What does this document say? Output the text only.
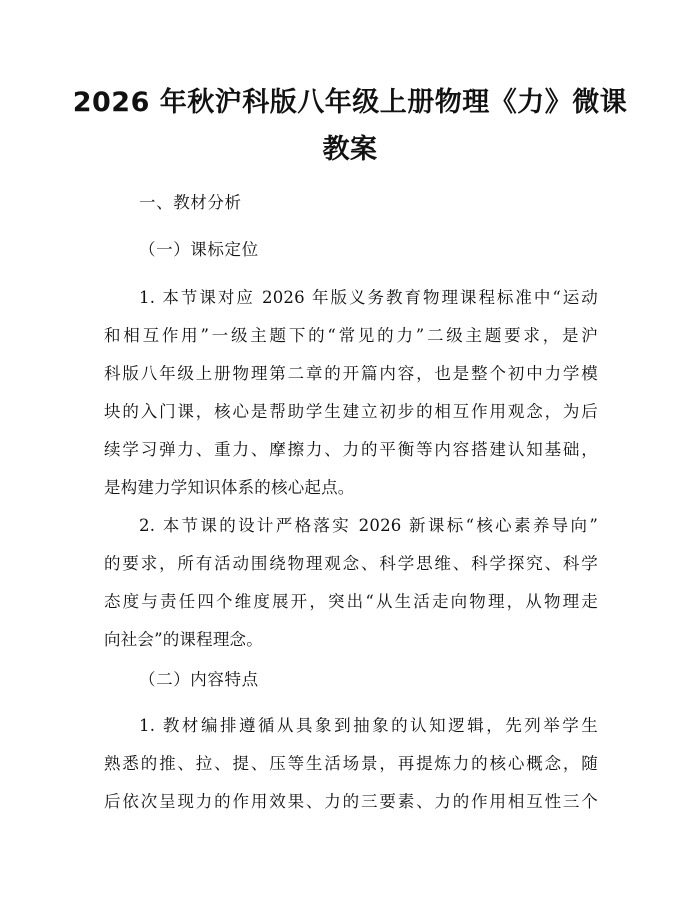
2026 年秋沪科版八年级上册物理《力》微课
教案
一、教材分析
（一）课标定位
1. 本节课对应 2026 年版义务教育物理课程标准中“运动
和相互作用”一级主题下的“常见的力”二级主题要求，是沪
科版八年级上册物理第二章的开篇内容，也是整个初中力学模
块的入门课，核心是帮助学生建立初步的相互作用观念，为后
续学习弹力、重力、摩擦力、力的平衡等内容搭建认知基础，
是构建力学知识体系的核心起点。
2. 本节课的设计严格落实 2026 新课标“核心素养导向”
的要求，所有活动围绕物理观念、科学思维、科学探究、科学
态度与责任四个维度展开，突出“从生活走向物理，从物理走
向社会”的课程理念。
（二）内容特点
1. 教材编排遵循从具象到抽象的认知逻辑，先列举学生
熟悉的推、拉、提、压等生活场景，再提炼力的核心概念，随
后依次呈现力的作用效果、力的三要素、力的作用相互性三个
